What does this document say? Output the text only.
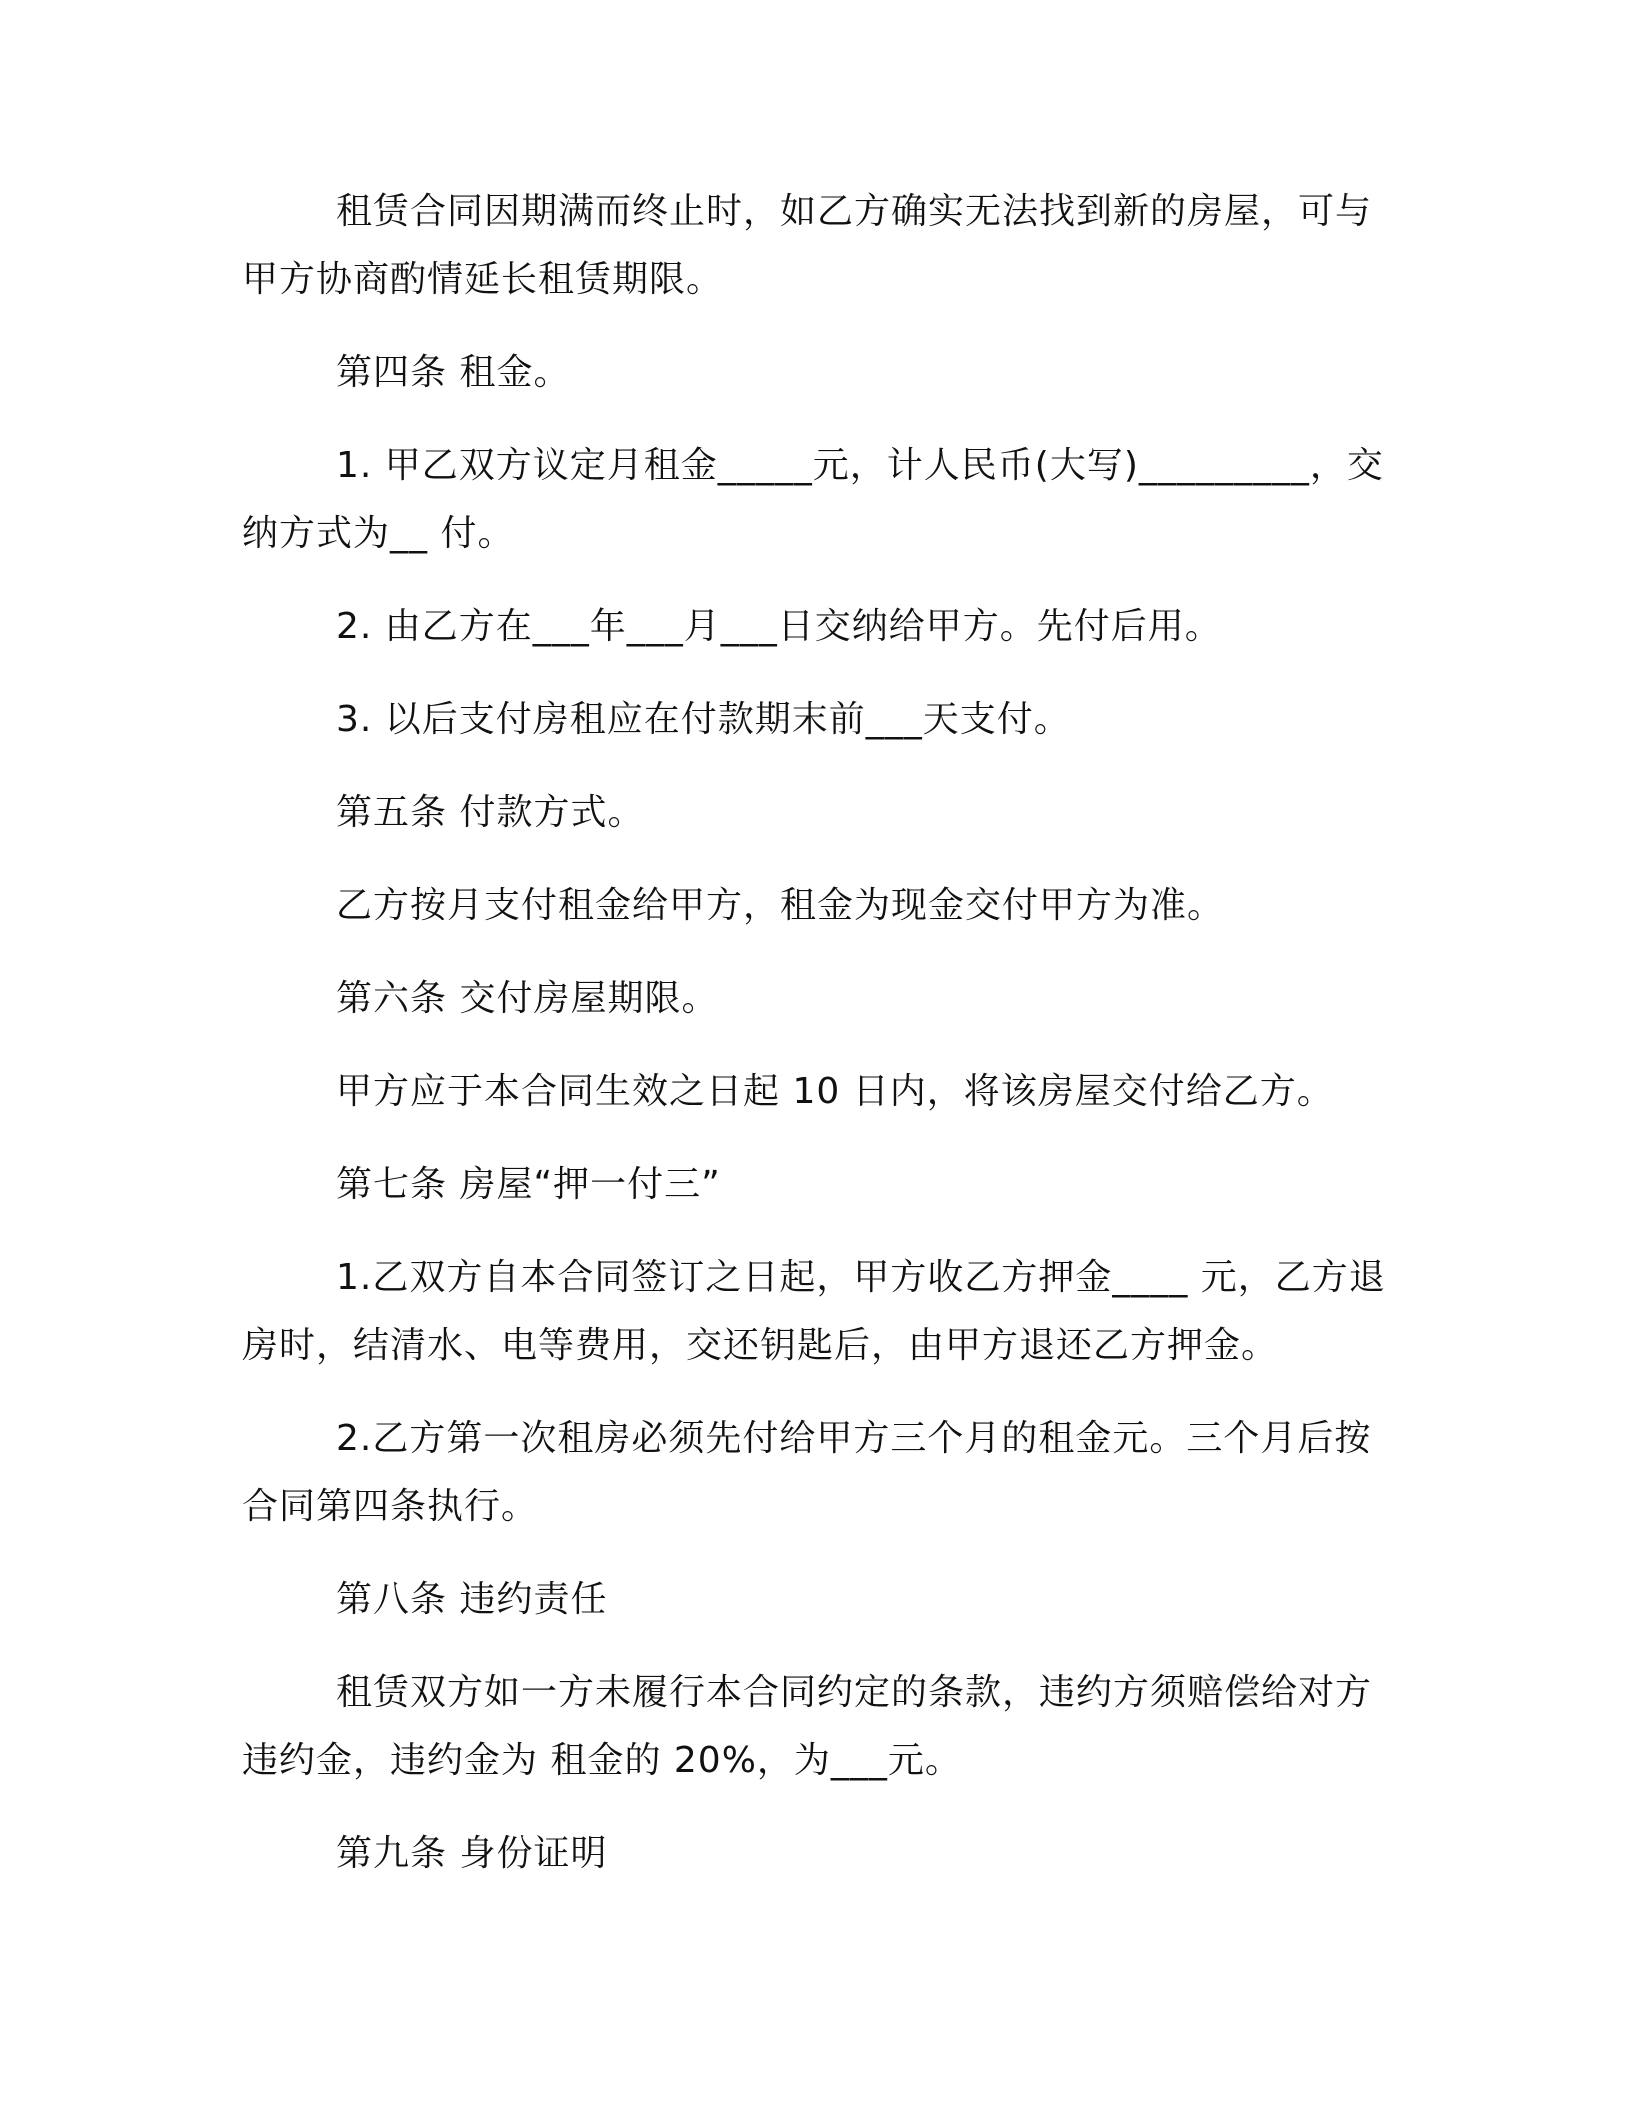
租赁合同因期满而终止时，如乙方确实无法找到新的房屋，可与甲方协商酌情延长租赁期限。

第四条 租金。

1. 甲乙双方议定月租金_____元，计人民币(大写)_________，交纳方式为__ 付。

2. 由乙方在___年___月___日交纳给甲方。先付后用。

3. 以后支付房租应在付款期末前___天支付。

第五条 付款方式。

乙方按月支付租金给甲方，租金为现金交付甲方为准。

第六条 交付房屋期限。

甲方应于本合同生效之日起 10 日内，将该房屋交付给乙方。

第七条 房屋“押一付三”

1.乙双方自本合同签订之日起，甲方收乙方押金____ 元，乙方退房时，结清水、电等费用，交还钥匙后，由甲方退还乙方押金。

2.乙方第一次租房必须先付给甲方三个月的租金元。三个月后按合同第四条执行。

第八条 违约责任

租赁双方如一方未履行本合同约定的条款，违约方须赔偿给对方违约金，违约金为 租金的 20%，为___元。

第九条 身份证明
